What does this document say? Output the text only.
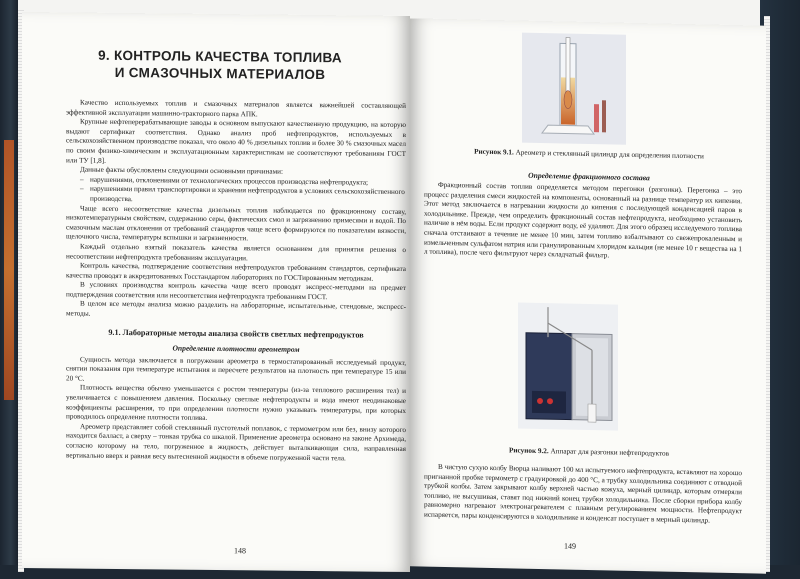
9. КОНТРОЛЬ КАЧЕСТВА ТОПЛИВА

И СМАЗОЧНЫХ МАТЕРИАЛОВ

Качество используемых топлив и смазочных материалов является важнейшей составляющей эффективной эксплуатации машинно-тракторного парка АПК.

Крупные нефтеперерабатывающие заводы в основном выпускают качественную продукцию, на которую выдают сертификат соответствия. Однако анализ проб нефтепродуктов, используемых в сельскохозяйственном производстве показал, что около 40 % дизельных топлив и более 30 % смазочных масел по своим физико-химическим и эксплуатационным характеристикам не соответствуют требованиям ГОСТ или ТУ [1,8].

Данные факты обусловлены следующими основными причинами:

– нарушениями, отклонениями от технологических процессов производства нефтепродукта;
– нарушениями правил транспортировки и хранения нефтепродуктов в условиях сельскохозяйственного производства.

Чаще всего несоответствие качества дизельных топлив наблюдается по фракционному составу, низкотемпературным свойствам, содержанию серы, фактических смол и загрязнению примесями и водой. По смазочным маслам отклонения от требований стандартов чаще всего формируются по показателям вязкости, щелочного числа, температуры вспышки и загрязненности.

Каждый отдельно взятый показатель качества является основанием для принятия решения о несоответствии нефтепродукта требованиям эксплуатации.

Контроль качества, подтверждение соответствия нефтепродуктов требованиям стандартов, сертификата качества проводят в аккредитованных Госстандартом лабораториях по ГОСТированным методикам.

В условиях производства контроль качества чаще всего проводят экспресс-методами на предмет подтверждения соответствия или несоответствия нефтепродукта требованиям ГОСТ.

В целом все методы анализа можно разделить на лабораторные, испытательные, стендовые, экспресс-методы.

9.1. Лабораторные методы анализа свойств светлых нефтепродуктов

Определение плотности ареометром

Сущность метода заключается в погружении ареометра в термостатированный исследуемый продукт, снятии показания при температуре испытания и пересчете результатов на плотность при температуре 15 или 20 °С.

Плотность вещества обычно уменьшается с ростом температуры (из-за теплового расширения тел) и увеличивается с повышением давления. Поскольку светлые нефтепродукты и вода имеют неодинаковые коэффициенты расширения, то при определении плотности нужно указывать температуры, при которых проводилось определение плотности топлива.

Ареометр представляет собой стеклянный пустотелый поплавок, с термометром или без, внизу которого находится балласт, а сверху – тонкая трубка со шкалой. Применение ареометра основано на законе Архимеда, согласно которому на тело, погруженное в жидкость, действует выталкивающая сила, направленная вертикально вверх и равная весу вытесненной жидкости в объеме погруженной части тела.

148

Рисунок 9.1. Ареометр и стеклянный цилиндр для определения плотности

Определение фракционного состава

Фракционный состав топлив определяется методом перегонки (разгонки). Перегонка – это процесс разделения смеси жидкостей на компоненты, основанный на разнице температур их кипения. Этот метод заключается в нагревании жидкости до кипения с последующей конденсацией паров в холодильнике. Прежде, чем определить фракционный состав нефтепродукта, необходимо установить наличие в нём воды. Если продукт содержит воду, её удаляют. Для этого образец исследуемого топлива сначала отстаивают в течение не менее 10 мин, затем топливо взбалтывают со свежепрокаленным и измельченным сульфатом натрия или гранулированным хлоридом кальция (не менее 10 г вещества на 1 л топлива), после чего фильтруют через складчатый фильтр.

Рисунок 9.2. Аппарат для разгонки нефтепродуктов

В чистую сухую колбу Вюрца наливают 100 мл испытуемого нефтепродукта, вставляют на хорошо пригнанной пробке термометр с градуировкой до 400 °С, а трубку холодильника соединяют с отводной трубкой колбы. Затем закрывают колбу верхней частью кожуха, мерный цилиндр, которым отмеряли топливо, не высушивая, ставят под нижний конец трубки холодильника. После сборки прибора колбу равномерно нагревают электронагревателем с плавным регулированием мощности. Нефтепродукт испаряется, пары конденсируются в холодильнике и конденсат поступает в мерный цилиндр.

149
